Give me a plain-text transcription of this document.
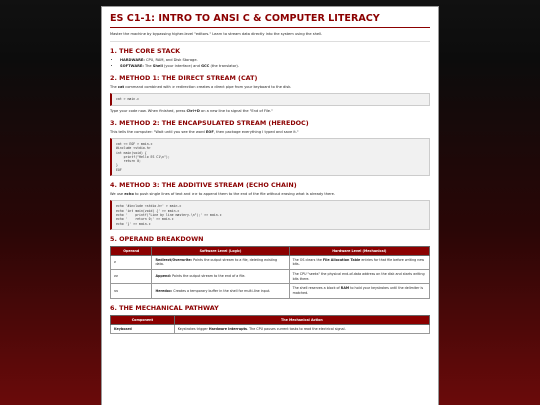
ES C1-1: INTRO TO ANSI C & COMPUTER LITERACY

Master the machine by bypassing higher-level "editors." Learn to stream data directly into the system using the shell.

1. THE CORE STACK
• HARDWARE: CPU, RAM, and Disk Storage.
• SOFTWARE: The Shell (your interface) and GCC (the translator).
2. METHOD 1: THE DIRECT STREAM (CAT)

The cat command combined with > redirection creates a direct pipe from your keyboard to the disk.

cat > main.c

Type your code now. When finished, press Ctrl+D on a new line to signal the "End of File."

3. METHOD 2: THE ENCAPSULATED STREAM (HEREDOC)

This tells the computer: "Wait until you see the word EOF, then package everything I typed and save it."

cat << EOF > main.c
#include <stdio.h>
int main(void) {
printf("Hello ES C1\n");
return 0;
}
EOF
4. METHOD 3: THE ADDITIVE STREAM (ECHO CHAIN)

We use echo to push single lines of text and >> to append them to the end of the file without erasing what is already there.

echo '#include <stdio.h>' > main.c
echo 'int main(void) {' >> main.c
echo '    printf("Line by line mastery.\n");' >> main.c
echo '    return 0;' >> main.c
echo '}' >> main.c
5. OPERAND BREAKDOWN
Operand	Software Level (Logic)	Hardware Level (Mechanical)
>	Redirect/Overwrite: Points the output stream to a file, deleting existing data.	The OS clears the File Allocation Table entries for that file before writing new bits.
>>	Append: Points the output stream to the end of a file.	The CPU "seeks" the physical end-of-data address on the disk and starts writing bits there.
<<	Heredoc: Creates a temporary buffer in the shell for multi-line input.	The shell reserves a block of RAM to hold your keystrokes until the delimiter is matched.
6. THE MECHANICAL PATHWAY
Component	The Mechanical Action
Keyboard	Keystrokes trigger Hardware Interrupts. The CPU pauses current tasks to read the electrical signal.
